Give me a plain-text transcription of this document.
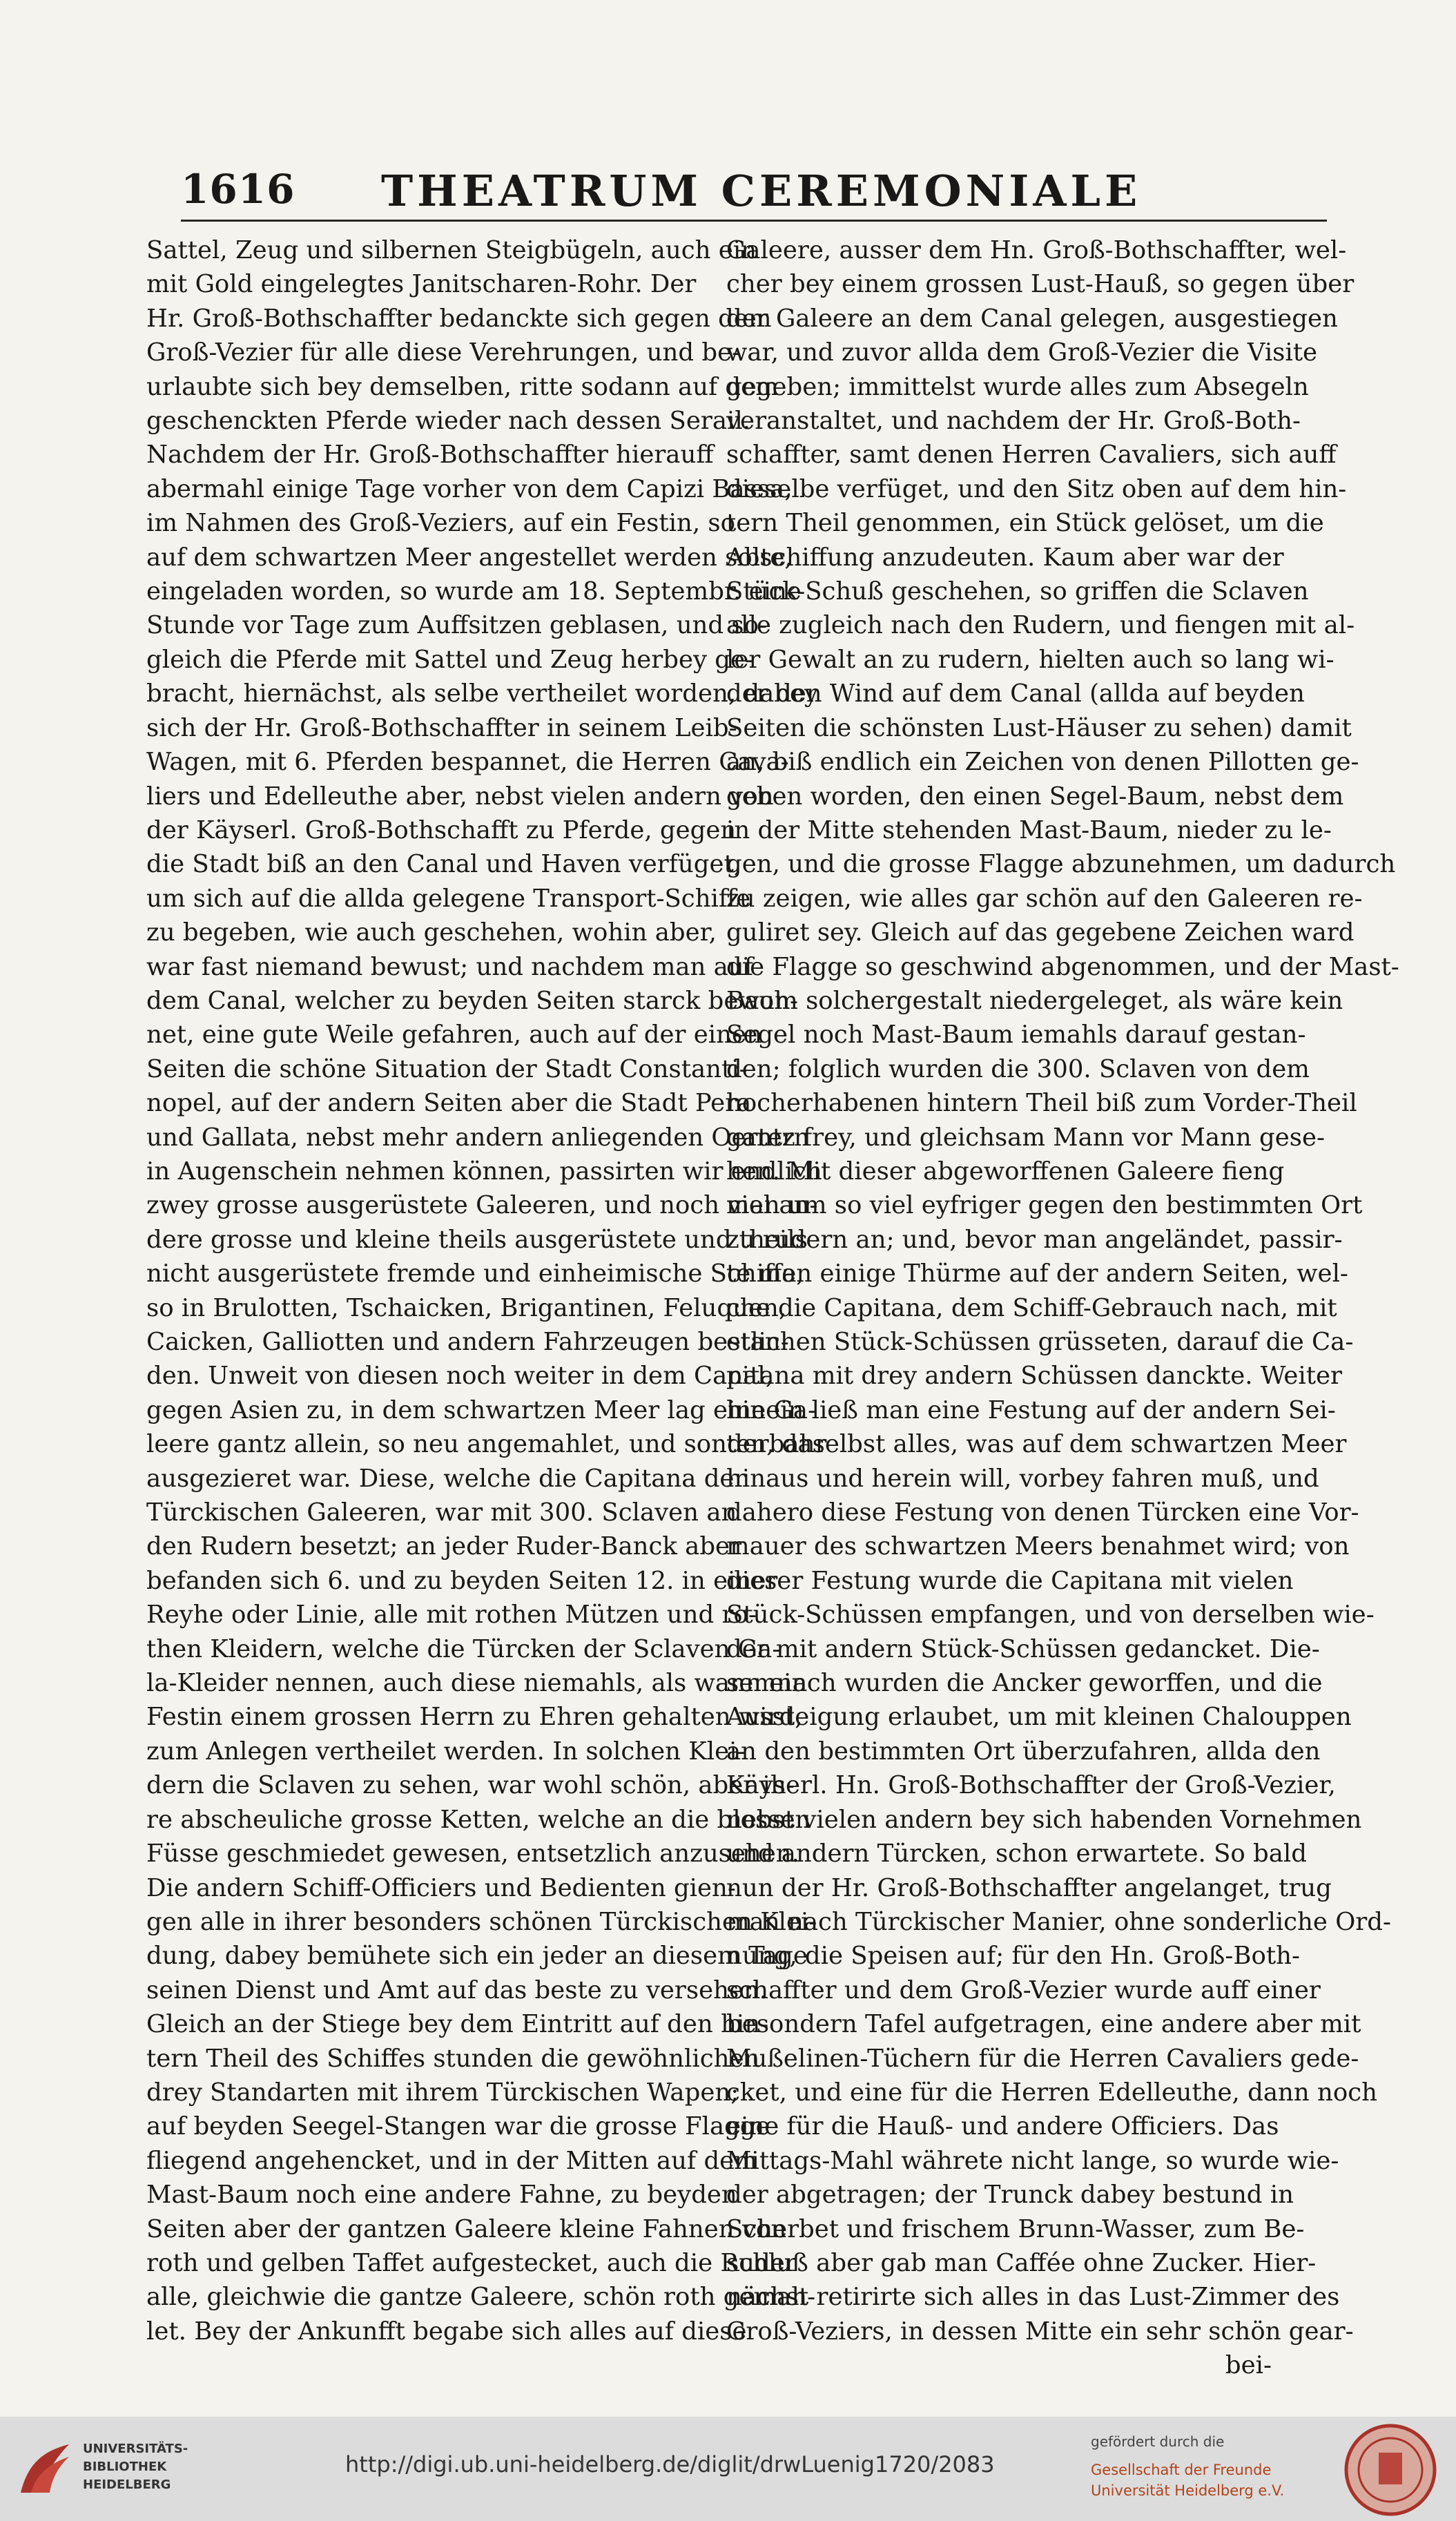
1616 THEATRUM CEREMONIALE
Sattel, Zeug und silbernen Steigbügeln, auch ein
mit Gold eingelegtes Janitscharen-Rohr. Der
Hr. Groß-Bothschaffter bedanckte sich gegen dem
Groß-Vezier für alle diese Verehrungen, und be-
urlaubte sich bey demselben, ritte sodann auf dem
geschenckten Pferde wieder nach dessen Serail.
Nachdem der Hr. Groß-Bothschaffter hierauff
abermahl einige Tage vorher von dem Capizi Bassa,
im Nahmen des Groß-Veziers, auf ein Festin, so
auf dem schwartzen Meer angestellet werden solte,
eingeladen worden, so wurde am 18. Septembr. eine
Stunde vor Tage zum Auffsitzen geblasen, und so-
gleich die Pferde mit Sattel und Zeug herbey ge-
bracht, hiernächst, als selbe vertheilet worden, dabey
sich der Hr. Groß-Bothschaffter in seinem Leib-
Wagen, mit 6. Pferden bespannet, die Herren Cava-
liers und Edelleuthe aber, nebst vielen andern von
der Käyserl. Groß-Bothschafft zu Pferde, gegen
die Stadt biß an den Canal und Haven verfüget,
um sich auf die allda gelegene Transport-Schiffe
zu begeben, wie auch geschehen, wohin aber,
war fast niemand bewust; und nachdem man auf
dem Canal, welcher zu beyden Seiten starck bewoh-
net, eine gute Weile gefahren, auch auf der einen
Seiten die schöne Situation der Stadt Constanti-
nopel, auf der andern Seiten aber die Stadt Pera
und Gallata, nebst mehr andern anliegenden Oertern
in Augenschein nehmen können, passirten wir endlich
zwey grosse ausgerüstete Galeeren, und noch viel an-
dere grosse und kleine theils ausgerüstete und theils
nicht ausgerüstete fremde und einheimische Schiffe,
so in Brulotten, Tschaicken, Brigantinen, Feluquen,
Caicken, Galliotten und andern Fahrzeugen bestan-
den. Unweit von diesen noch weiter in dem Canal,
gegen Asien zu, in dem schwartzen Meer lag eine Ga-
leere gantz allein, so neu angemahlet, und sonderbahr
ausgezieret war. Diese, welche die Capitana der
Türckischen Galeeren, war mit 300. Sclaven an
den Rudern besetzt; an jeder Ruder-Banck aber
befanden sich 6. und zu beyden Seiten 12. in einer
Reyhe oder Linie, alle mit rothen Mützen und ro-
then Kleidern, welche die Türcken der Sclaven Ga-
la-Kleider nennen, auch diese niemahls, als wann ein
Festin einem grossen Herrn zu Ehren gehalten wird,
zum Anlegen vertheilet werden. In solchen Klei-
dern die Sclaven zu sehen, war wohl schön, aber ih-
re abscheuliche grosse Ketten, welche an die blossen
Füsse geschmiedet gewesen, entsetzlich anzusehen.
Die andern Schiff-Officiers und Bedienten gien-
gen alle in ihrer besonders schönen Türckischen Klei-
dung, dabey bemühete sich ein jeder an diesem Tage
seinen Dienst und Amt auf das beste zu versehen.
Gleich an der Stiege bey dem Eintritt auf den hin-
tern Theil des Schiffes stunden die gewöhnlichen
drey Standarten mit ihrem Türckischen Wapen;
auf beyden Seegel-Stangen war die grosse Flagge
fliegend angehencket, und in der Mitten auf dem
Mast-Baum noch eine andere Fahne, zu beyden
Seiten aber der gantzen Galeere kleine Fahnen von
roth und gelben Taffet aufgestecket, auch die Ruder
alle, gleichwie die gantze Galeere, schön roth gemah-
let. Bey der Ankunfft begabe sich alles auf diese
Galeere, ausser dem Hn. Groß-Bothschaffter, wel-
cher bey einem grossen Lust-Hauß, so gegen über
der Galeere an dem Canal gelegen, ausgestiegen
war, und zuvor allda dem Groß-Vezier die Visite
gegeben; immittelst wurde alles zum Absegeln
veranstaltet, und nachdem der Hr. Groß-Both-
schaffter, samt denen Herren Cavaliers, sich auff
dieselbe verfüget, und den Sitz oben auf dem hin-
tern Theil genommen, ein Stück gelöset, um die
Abschiffung anzudeuten. Kaum aber war der
Stück-Schuß geschehen, so griffen die Sclaven
alle zugleich nach den Rudern, und fiengen mit al-
ler Gewalt an zu rudern, hielten auch so lang wi-
der den Wind auf dem Canal (allda auf beyden
Seiten die schönsten Lust-Häuser zu sehen) damit
an, biß endlich ein Zeichen von denen Pillotten ge-
geben worden, den einen Segel-Baum, nebst dem
in der Mitte stehenden Mast-Baum, nieder zu le-
gen, und die grosse Flagge abzunehmen, um dadurch
zu zeigen, wie alles gar schön auf den Galeeren re-
guliret sey. Gleich auf das gegebene Zeichen ward
die Flagge so geschwind abgenommen, und der Mast-
Baum solchergestalt niedergeleget, als wäre kein
Segel noch Mast-Baum iemahls darauf gestan-
den; folglich wurden die 300. Sclaven von dem
hocherhabenen hintern Theil biß zum Vorder-Theil
gantz frey, und gleichsam Mann vor Mann gese-
hen. Mit dieser abgeworffenen Galeere fieng
man um so viel eyfriger gegen den bestimmten Ort
zu rudern an; und, bevor man angeländet, passir-
te man einige Thürme auf der andern Seiten, wel-
che die Capitana, dem Schiff-Gebrauch nach, mit
etlichen Stück-Schüssen grüsseten, darauf die Ca-
pitana mit drey andern Schüssen danckte. Weiter
hinein ließ man eine Festung auf der andern Sei-
ten, daselbst alles, was auf dem schwartzen Meer
hinaus und herein will, vorbey fahren muß, und
dahero diese Festung von denen Türcken eine Vor-
mauer des schwartzen Meers benahmet wird; von
dieser Festung wurde die Capitana mit vielen
Stück-Schüssen empfangen, und von derselben wie-
der mit andern Stück-Schüssen gedancket. Die-
semnach wurden die Ancker geworffen, und die
Aussteigung erlaubet, um mit kleinen Chalouppen
an den bestimmten Ort überzufahren, allda den
Käyserl. Hn. Groß-Bothschaffter der Groß-Vezier,
nebst vielen andern bey sich habenden Vornehmen
und andern Türcken, schon erwartete. So bald
nun der Hr. Groß-Bothschaffter angelanget, trug
man nach Türckischer Manier, ohne sonderliche Ord-
nung, die Speisen auf; für den Hn. Groß-Both-
schaffter und dem Groß-Vezier wurde auff einer
besondern Tafel aufgetragen, eine andere aber mit
Mußelinen-Tüchern für die Herren Cavaliers gede-
cket, und eine für die Herren Edelleuthe, dann noch
eine für die Hauß- und andere Officiers. Das
Mittags-Mahl währete nicht lange, so wurde wie-
der abgetragen; der Trunck dabey bestund in
Scherbet und frischem Brunn-Wasser, zum Be-
schluß aber gab man Caffée ohne Zucker. Hier-
nächst retirirte sich alles in das Lust-Zimmer des
Groß-Veziers, in dessen Mitte ein sehr schön gear-
bei-
UNIVERSITÄTS-
BIBLIOTHEK
HEIDELBERG
http://digi.ub.uni-heidelberg.de/diglit/drwLuenig1720/2083
gefördert durch die
Gesellschaft der Freunde
Universität Heidelberg e.V.
